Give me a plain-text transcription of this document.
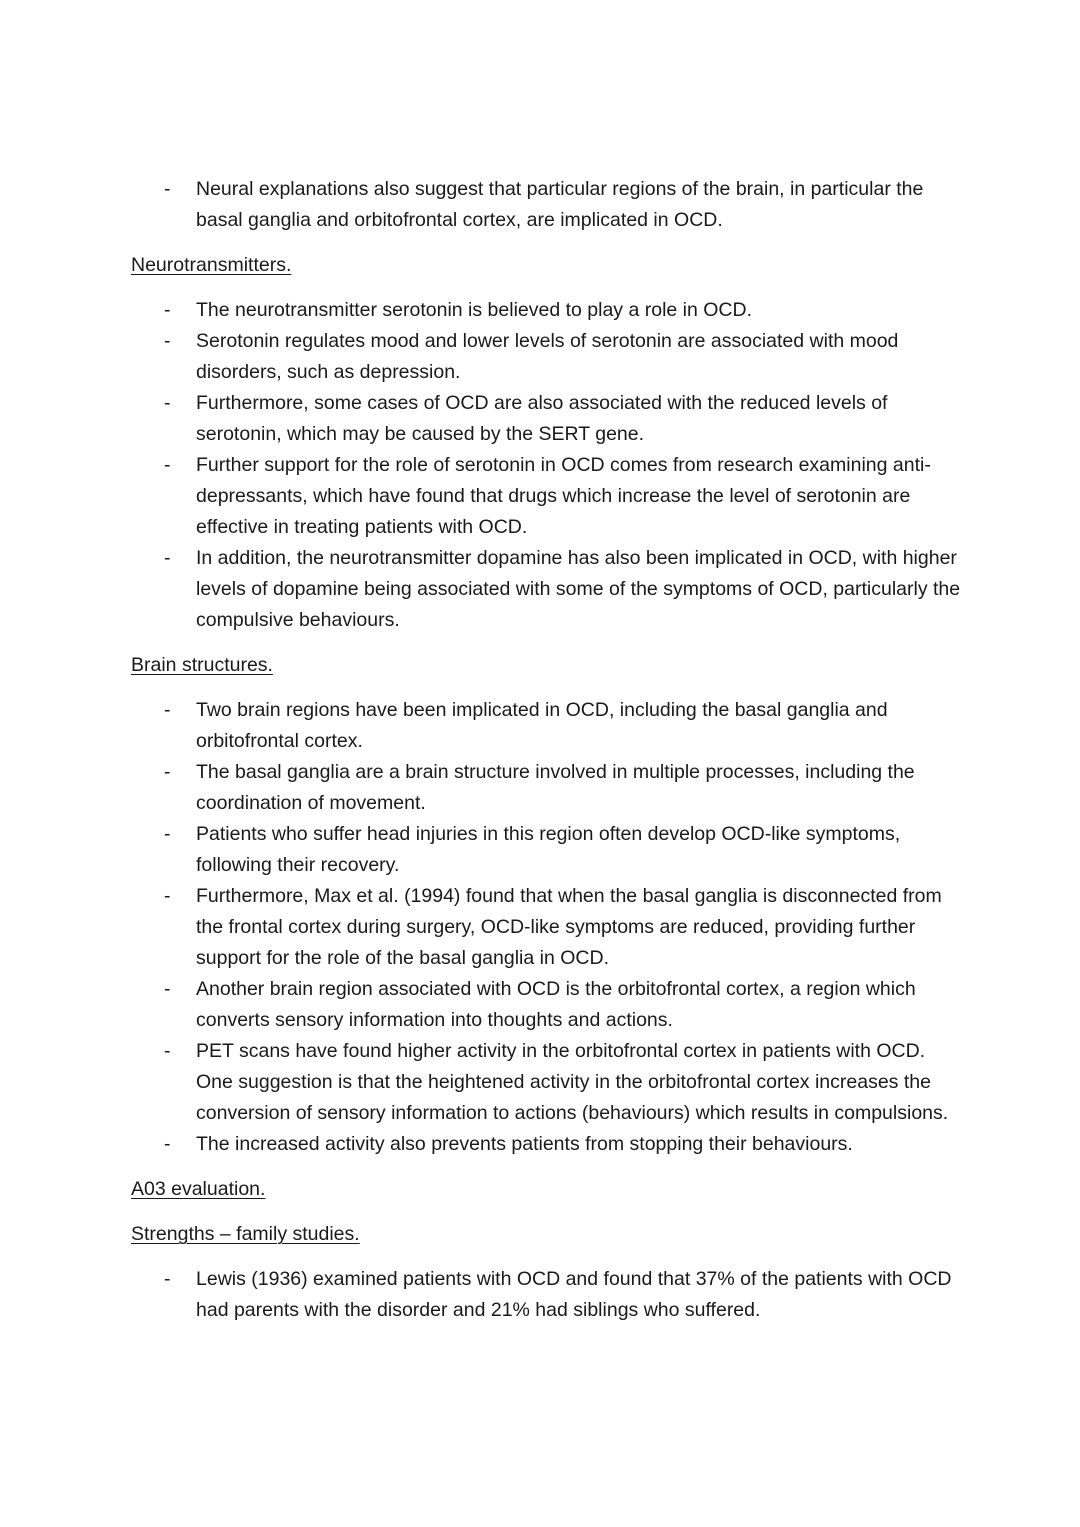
-	Neural explanations also suggest that particular regions of the brain, in particular the basal ganglia and orbitofrontal cortex, are implicated in OCD.

Neurotransmitters.

-	The neurotransmitter serotonin is believed to play a role in OCD.
-	Serotonin regulates mood and lower levels of serotonin are associated with mood disorders, such as depression.
-	Furthermore, some cases of OCD are also associated with the reduced levels of serotonin, which may be caused by the SERT gene.
-	Further support for the role of serotonin in OCD comes from research examining anti-depressants, which have found that drugs which increase the level of serotonin are effective in treating patients with OCD.
-	In addition, the neurotransmitter dopamine has also been implicated in OCD, with higher levels of dopamine being associated with some of the symptoms of OCD, particularly the compulsive behaviours.

Brain structures.

-	Two brain regions have been implicated in OCD, including the basal ganglia and orbitofrontal cortex.
-	The basal ganglia are a brain structure involved in multiple processes, including the coordination of movement.
-	Patients who suffer head injuries in this region often develop OCD-like symptoms, following their recovery.
-	Furthermore, Max et al. (1994) found that when the basal ganglia is disconnected from the frontal cortex during surgery, OCD-like symptoms are reduced, providing further support for the role of the basal ganglia in OCD.
-	Another brain region associated with OCD is the orbitofrontal cortex, a region which converts sensory information into thoughts and actions.
-	PET scans have found higher activity in the orbitofrontal cortex in patients with OCD. One suggestion is that the heightened activity in the orbitofrontal cortex increases the conversion of sensory information to actions (behaviours) which results in compulsions.
-	The increased activity also prevents patients from stopping their behaviours.

A03 evaluation.

Strengths – family studies.

-	Lewis (1936) examined patients with OCD and found that 37% of the patients with OCD had parents with the disorder and 21% had siblings who suffered.
